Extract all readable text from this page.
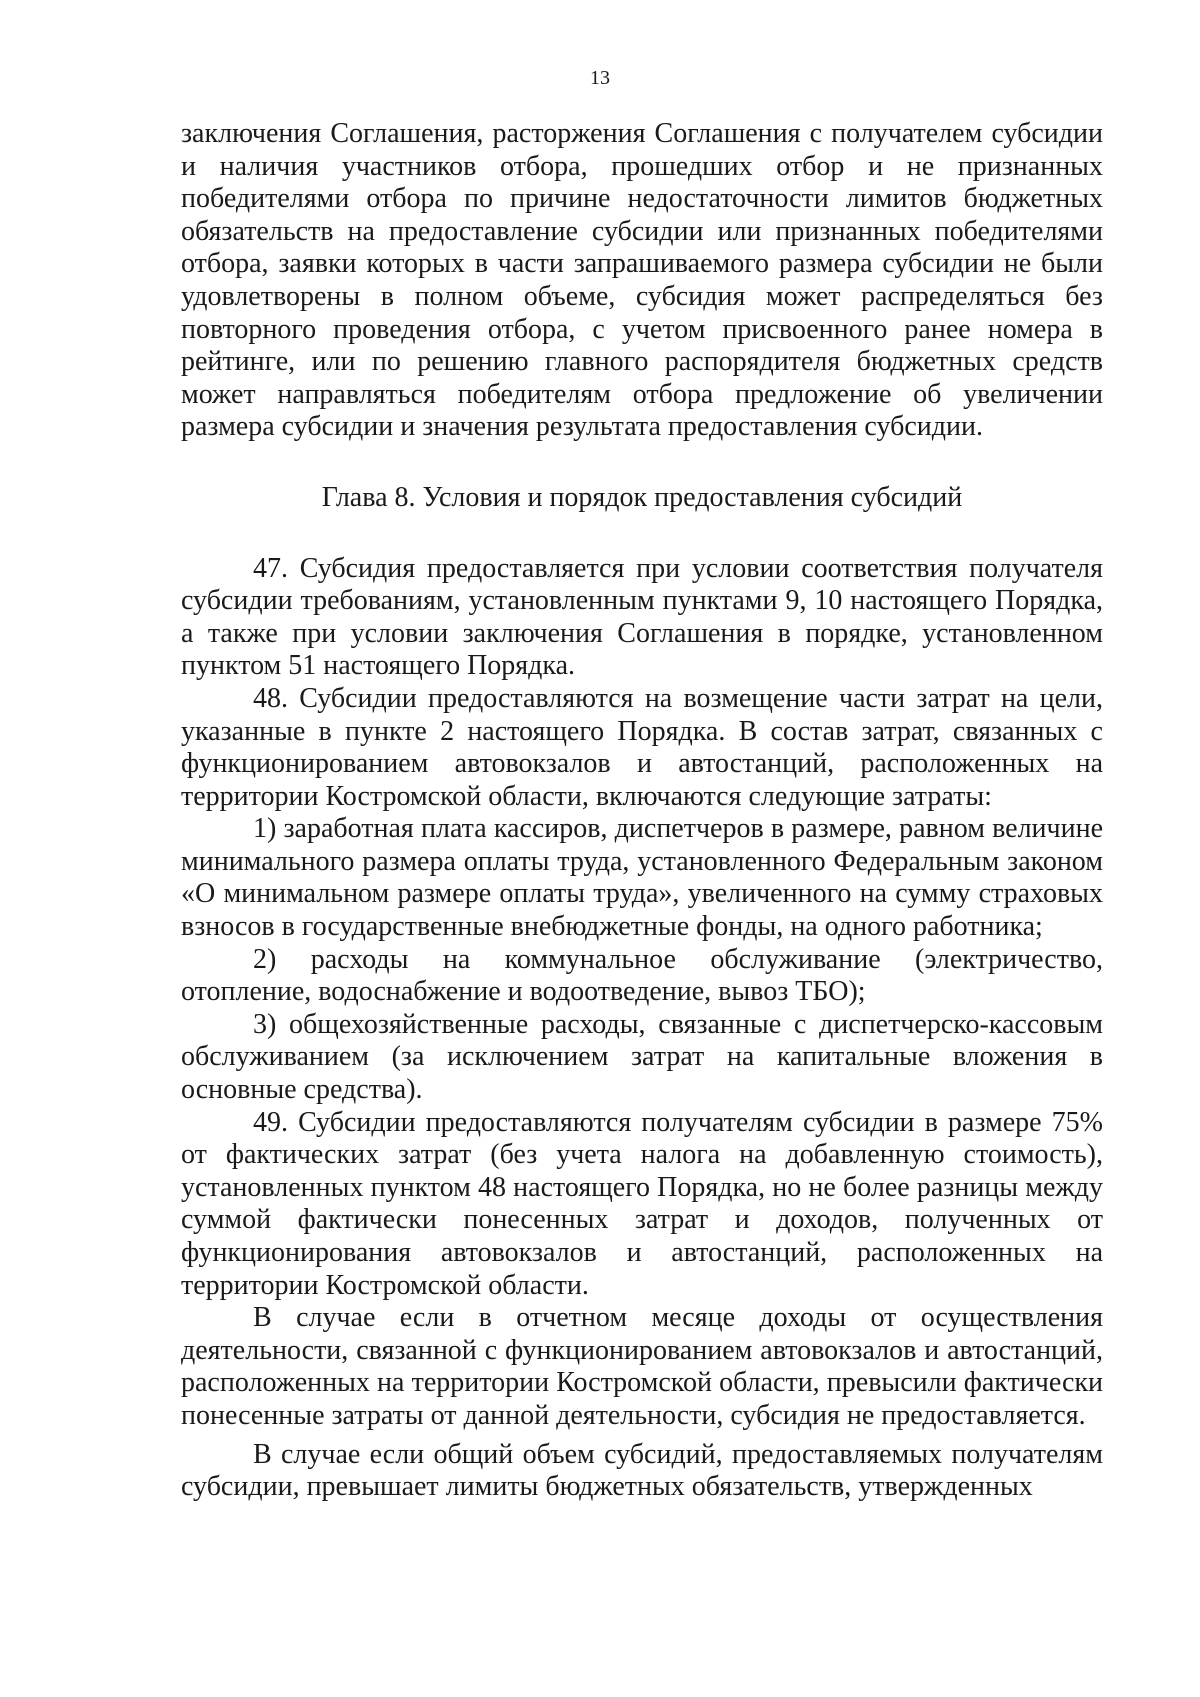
13

заключения Соглашения, расторжения Соглашения с получателем субсидии и наличия участников отбора, прошедших отбор и не признанных победителями отбора по причине недостаточности лимитов бюджетных обязательств на предоставление субсидии или признанных победителями отбора, заявки которых в части запрашиваемого размера субсидии не были удовлетворены в полном объеме, субсидия может распределяться без повторного проведения отбора, с учетом присвоенного ранее номера в рейтинге, или по решению главного распорядителя бюджетных средств может направляться победителям отбора предложение об увеличении размера субсидии и значения результата предоставления субсидии.

Глава 8. Условия и порядок предоставления субсидий

47. Субсидия предоставляется при условии соответствия получателя субсидии требованиям, установленным пунктами 9, 10 настоящего Порядка, а также при условии заключения Соглашения в порядке, установленном пунктом 51 настоящего Порядка.

48. Субсидии предоставляются на возмещение части затрат на цели, указанные в пункте 2 настоящего Порядка. В состав затрат, связанных с функционированием автовокзалов и автостанций, расположенных на территории Костромской области, включаются следующие затраты:

1) заработная плата кассиров, диспетчеров в размере, равном величине минимального размера оплаты труда, установленного Федеральным законом «О минимальном размере оплаты труда», увеличенного на сумму страховых взносов в государственные внебюджетные фонды, на одного работника;

2) расходы на коммунальное обслуживание (электричество, отопление, водоснабжение и водоотведение, вывоз ТБО);

3) общехозяйственные расходы, связанные с диспетчерско-кассовым обслуживанием (за исключением затрат на капитальные вложения в основные средства).

49. Субсидии предоставляются получателям субсидии в размере 75% от фактических затрат (без учета налога на добавленную стоимость), установленных пунктом 48 настоящего Порядка, но не более разницы между суммой фактически понесенных затрат и доходов, полученных от функционирования автовокзалов и автостанций, расположенных на территории Костромской области.

В случае если в отчетном месяце доходы от осуществления деятельности, связанной с функционированием автовокзалов и автостанций, расположенных на территории Костромской области, превысили фактически понесенные затраты от данной деятельности, субсидия не предоставляется.

В случае если общий объем субсидий, предоставляемых получателям субсидии, превышает лимиты бюджетных обязательств, утвержденных
